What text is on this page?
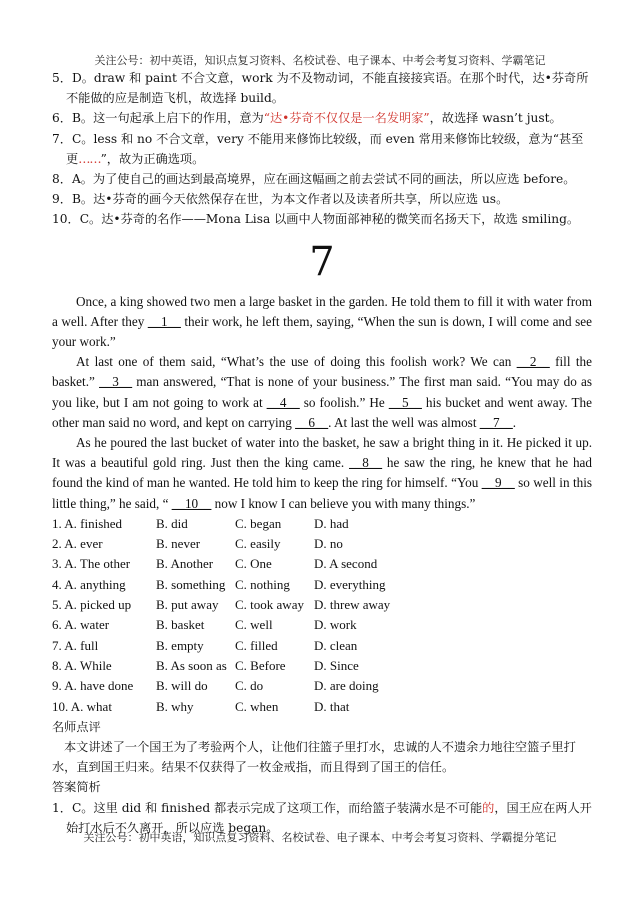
关注公号：初中英语，知识点复习资料、名校试卷、电子课本、中考会考复习资料、学霸笔记

5．D。draw 和 paint 不合文意，work 为不及物动词，不能直接接宾语。在那个时代，达•芬奇所不能做的应是制造飞机，故选择 build。

6．B。这一句起承上启下的作用，意为“达•芬奇不仅仅是一名发明家”，故选择 wasn’t just。

7．C。less 和 no 不合文章，very 不能用来修饰比较级，而 even 常用来修饰比较级，意为“甚至更……”，故为正确选项。

8．A。为了使自己的画达到最高境界，应在画这幅画之前去尝试不同的画法，所以应选 before。

9．B。达•芬奇的画今天依然保存在世，为本文作者以及读者所共享，所以应选 us。

10．C。达•芬奇的名作——Mona Lisa 以画中人物面部神秘的微笑而名扬天下，故选 smiling。

7

Once, a king showed two men a large basket in the garden. He told them to fill it with water from a well. After they __1__ their work, he left them, saying, “When the sun is down, I will come and see your work.”

At last one of them said, “What’s the use of doing this foolish work? We can __2__ fill the basket.” __3__ man answered, “That is none of your business.” The first man said. “You may do as you like, but I am not going to work at __4__ so foolish.” He __5__ his bucket and went away. The other man said no word, and kept on carrying __6__. At last the well was almost __7__.

As he poured the last bucket of water into the basket, he saw a bright thing in it. He picked it up. It was a beautiful gold ring. Just then the king came. __8__ he saw the ring, he knew that he had found the kind of man he wanted. He told him to keep the ring for himself. “You __9__ so well in this little thing,” he said, “ __10__ now I know I can believe you with many things.”

1. A. finished	B. did	C. began	D. had
2. A. ever	B. never	C. easily	D. no
3. A. The other	B. Another	C. One	D. A second
4. A. anything	B. something C. nothing	D. everything
5. A. picked up	B. put away	C. took away D. threw away
6. A. water	B. basket	C. well	D. work
7. A. full	B. empty	C. filled	D. clean
8. A. While	B. As soon as C. Before	D. Since
9. A. have done	B. will do	C. do	D. are doing
10. A. what	B. why	C. when	D. that

名师点评

本文讲述了一个国王为了考验两个人，让他们往篮子里打水，忠诚的人不遗余力地往空篮子里打水，直到国王归来。结果不仅获得了一枚金戒指，而且得到了国王的信任。

答案简析

1．C。这里 did 和 finished 都表示完成了这项工作，而给篮子装满水是不可能的，国王应在两人开始打水后不久离开，所以应选 began。

关注公号：初中英语，知识点复习资料、名校试卷、电子课本、中考会考复习资料、学霸提分笔记
